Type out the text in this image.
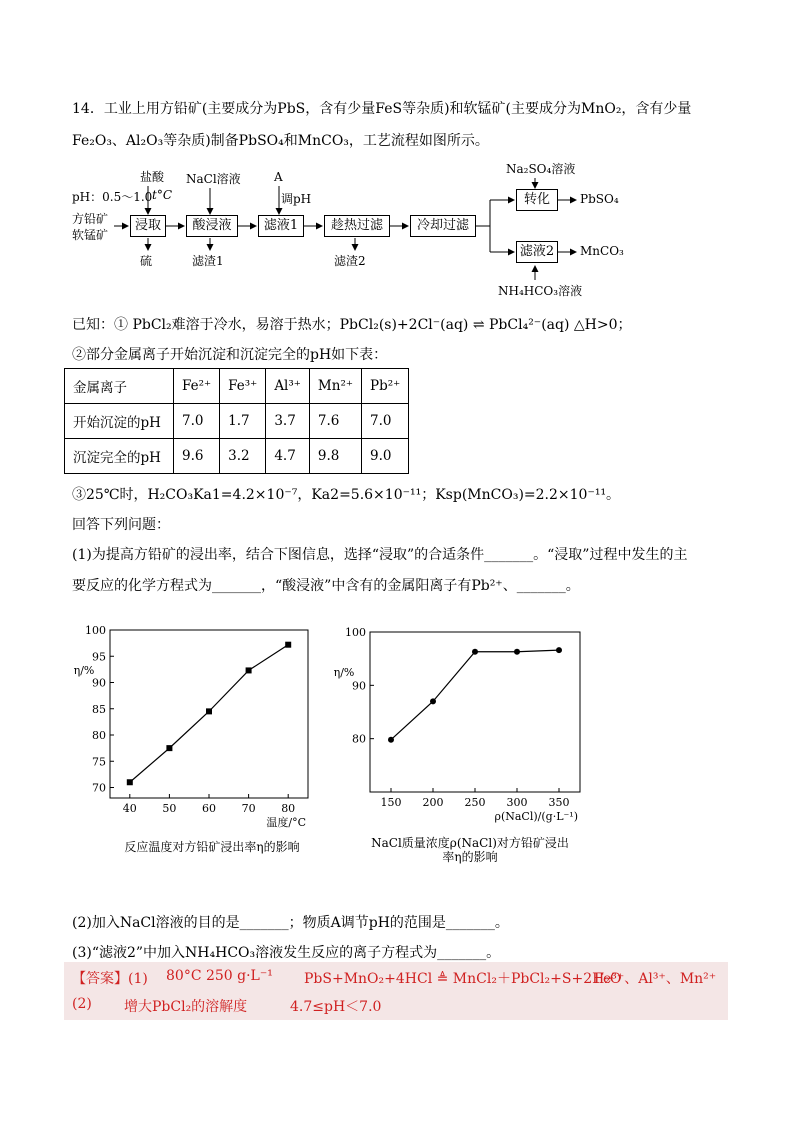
14．工业上用方铅矿(主要成分为PbS，含有少量FeS等杂质)和软锰矿(主要成分为MnO₂，含有少量
Fe₂O₃、Al₂O₃等杂质)制备PbSO₄和MnCO₃，工艺流程如图所示。
pH：0.5～1.0 t°C
盐酸 NaCl溶液	A
调pH
方铅矿
软锰矿
浸取	酸浸液	滤液1	趁热过滤	冷却过滤
转化
滤液2
硫	滤渣1	滤渣2
Na₂SO₄溶液
PbSO₄
MnCO₃
NH₄HCO₃溶液
已知：① PbCl₂难溶于冷水，易溶于热水；PbCl₂(s)+2Cl⁻(aq) ⇌ PbCl₄²⁻(aq) △H>0；
②部分金属离子开始沉淀和沉淀完全的pH如下表：
金属离子	Fe²⁺	Fe³⁺	Al³⁺	Mn²⁺	Pb²⁺
开始沉淀的pH	7.0	1.7	3.7	7.6	7.0
沉淀完全的pH	9.6	3.2	4.7	9.8	9.0
③25℃时，H₂CO₃Ka1=4.2×10⁻⁷，Ka2=5.6×10⁻¹¹；Ksp(MnCO₃)=2.2×10⁻¹¹。
回答下列问题：
(1)为提高方铅矿的浸出率，结合下图信息，选择“浸取”的合适条件_______。“浸取”过程中发生的主
要反应的化学方程式为_______，“酸浸液”中含有的金属阳离子有Pb²⁺、_______。
40 50 60 70 80
70
75
80
85
90
95
100
η/%
温度/°C
反应温度对方铅矿浸出率η的影响
150 200 250 300 350
80
90
100
η/%
ρ(NaCl)/(g·L⁻¹)
NaCl质量浓度ρ(NaCl)对方铅矿浸出率η的影响
(2)加入NaCl溶液的目的是_______；物质A调节pH的范围是_______。
(3)“滤液2”中加入NH₄HCO₃溶液发生反应的离子方程式为_______。
【答案】(1) 80°C 250 g·L⁻¹ PbS+MnO₂+4HCl ≜ MnCl₂＋PbCl₂+S+2H₂O
Fe³⁺、Al³⁺、Mn²⁺
(2) 增大PbCl₂的溶解度	4.7≤pH＜7.0
